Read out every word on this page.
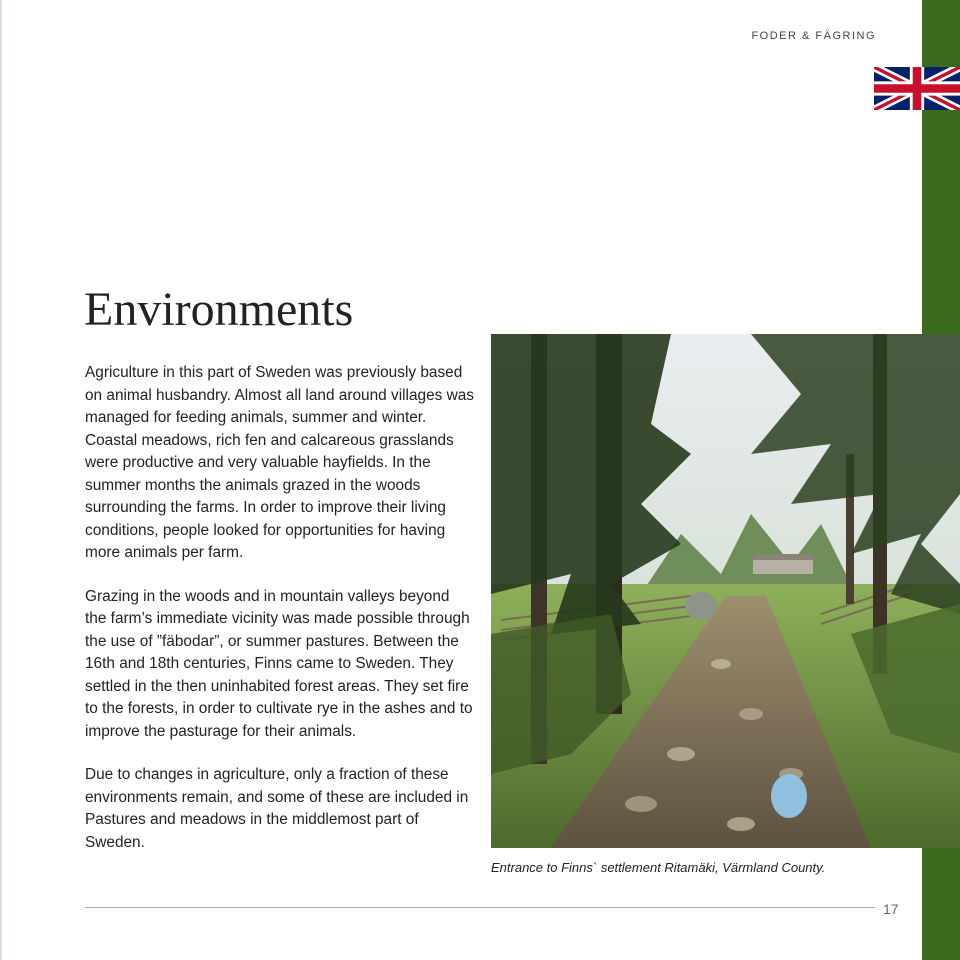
FODER & FÄGRING
Environments

Agriculture in this part of Sweden was previously based on animal husbandry. Almost all land around villages was managed for feeding animals, summer and winter. Coastal meadows, rich fen and calcareous grasslands were productive and very valuable hayfields. In the summer months the animals grazed in the woods surrounding the farms. In order to improve their living conditions, people looked for opportunities for having more animals per farm.

Grazing in the woods and in mountain valleys beyond the farm’s immediate vicinity was made possible through the use of ”fäbodar”, or summer pastures. Between the 16th and 18th centuries, Finns came to Sweden. They settled in the then uninhabited forest areas. They set fire to the forests, in order to cultivate rye in the ashes and to improve the pasturage for their animals.

Due to changes in agriculture, only a fraction of these environments remain, and some of these are included in Pastures and meadows in the middlemost part of Sweden.

Entrance to Finns` settlement Ritamäki, Värmland County.
17
